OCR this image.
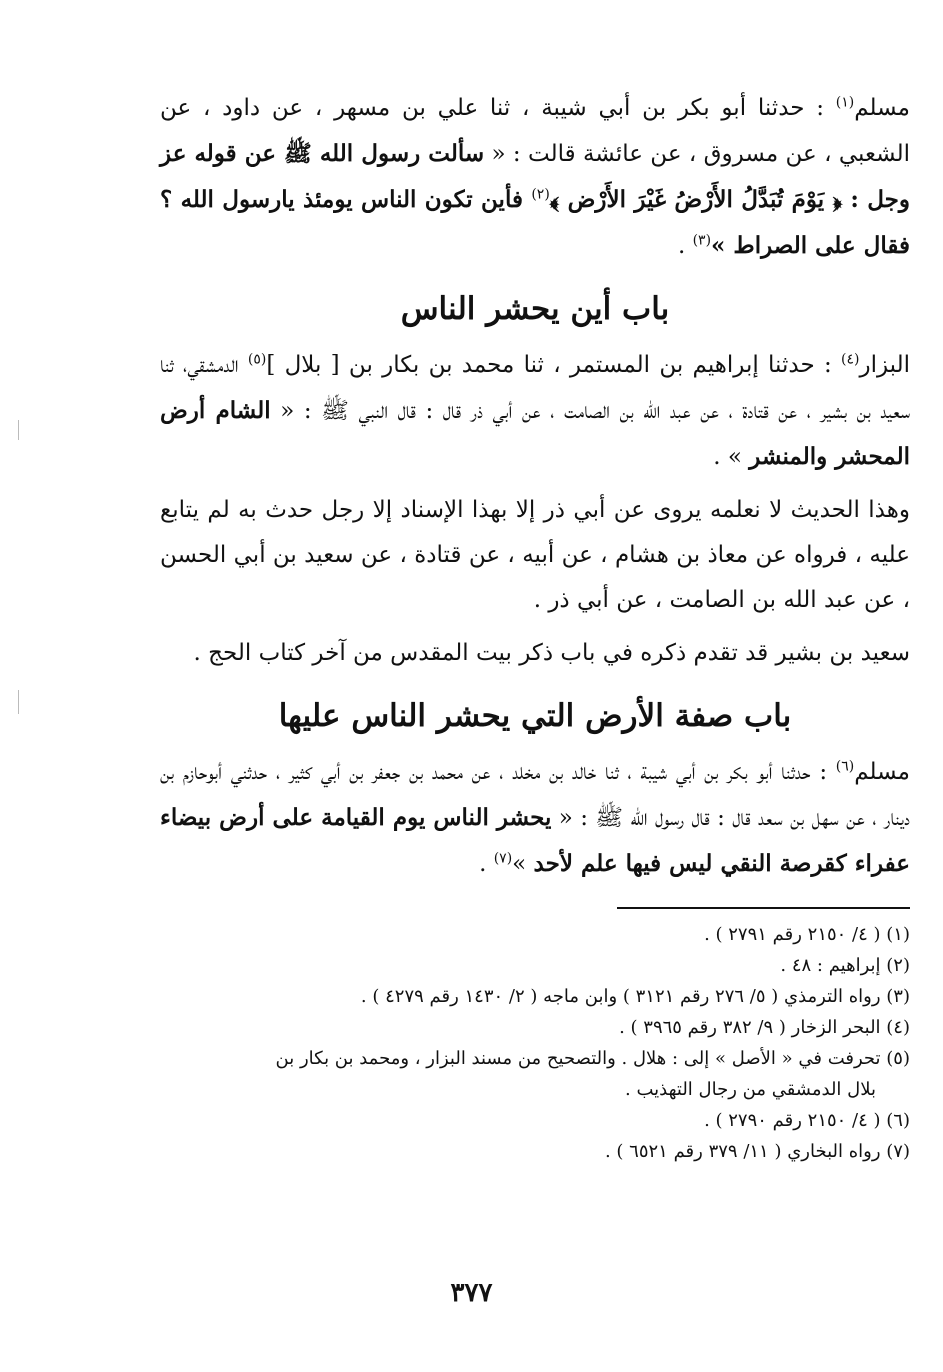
مسلم$^{(١)}$ : حدثنا أبو بكر بن أبي شيبة ، ثنا علي بن مسهر ، عن داود ، عن الشعبي ، عن مسروق ، عن عائشة قالت : « سألت رسول الله ﷺ عن قوله عز وجل : ﴿ يَوْمَ تُبَدَّلُ الأَرْضُ غَيْرَ الأَرْض ﴾$^{(٢)}$ فأين تكون الناس يومئذ يارسول الله ؟ فقال على الصراط »$^{(٣)}$ .

باب أين يحشر الناس

البزار$^{(٤)}$ : حدثنا إبراهيم بن المستمر ، ثنا محمد بن بكار بن [ بلال ]$^{(٥)}$ الدمشقي، ثنا سعيد بن بشير ، عن قتادة ، عن عبد الله بن الصامت ، عن أبي ذر قال : قال النبي ﷺ : « الشام أرض المحشر والمنشر » .

وهذا الحديث لا نعلمه يروى عن أبي ذر إلا بهذا الإسناد إلا رجل حدث به لم يتابع عليه ، فرواه عن معاذ بن هشام ، عن أبيه ، عن قتادة ، عن سعيد بن أبي الحسن ، عن عبد الله بن الصامت ، عن أبي ذر .

سعيد بن بشير قد تقدم ذكره في باب ذكر بيت المقدس من آخر كتاب الحج .

باب صفة الأرض التي يحشر الناس عليها

مسلم$^{(٦)}$ : حدثنا أبو بكر بن أبي شيبة ، ثنا خالد بن مخلد ، عن محمد بن جعفر بن أبي كثير ، حدثني أبوحازم بن دينار ، عن سهل بن سعد قال : قال رسول الله ﷺ : « يحشر الناس يوم القيامة على أرض بيضاء عفراء كقرصة النقي ليس فيها علم لأحد »$^{(٧)}$ .

(١) ( ٤/ ٢١٥٠ رقم ٢٧٩١ ) .

(٢) إبراهيم : ٤٨ .

(٣) رواه الترمذي ( ٥/ ٢٧٦ رقم ٣١٢١ ) وابن ماجه ( ٢/ ١٤٣٠ رقم ٤٢٧٩ ) .

(٤) البحر الزخار ( ٩/ ٣٨٢ رقم ٣٩٦٥ ) .

(٥) تحرفت في « الأصل » إلى : هلال . والتصحيح من مسند البزار ، ومحمد بن بكار بن

بلال الدمشقي من رجال التهذيب .

(٦) ( ٤/ ٢١٥٠ رقم ٢٧٩٠ ) .

(٧) رواه البخاري ( ١١/ ٣٧٩ رقم ٦٥٢١ ) .

٣٧٧
